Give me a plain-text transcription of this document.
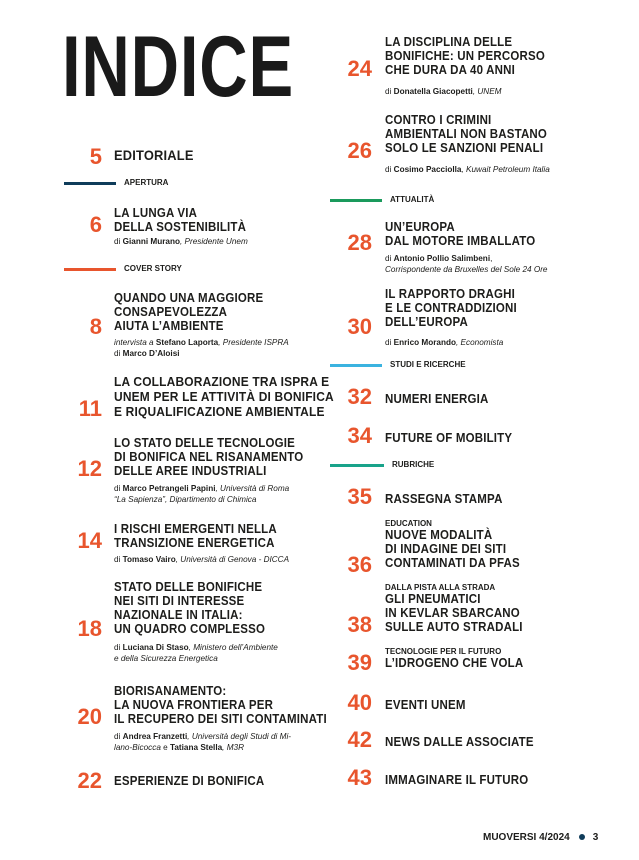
INDICE
5 EDITORIALE
APERTURA
6 LA LUNGA VIA
DELLA SOSTENIBILITÀ
di Gianni Murano, Presidente Unem
COVER STORY
8
QUANDO UNA MAGGIORE
CONSAPEVOLEZZA
AIUTA L’AMBIENTE
intervista a Stefano Laporta, Presidente ISPRA
di Marco D’Aloisi
11
LA COLLABORAZIONE TRA ISPRA E
UNEM PER LE ATTIVITÀ DI BONIFICA
E RIQUALIFICAZIONE AMBIENTALE
12
LO STATO DELLE TECNOLOGIE
DI BONIFICA NEL RISANAMENTO
DELLE AREE INDUSTRIALI
di Marco Petrangeli Papini, Università di Roma
“La Sapienza”, Dipartimento di Chimica
14 I RISCHI EMERGENTI NELLA
TRANSIZIONE ENERGETICA
di Tomaso Vairo, Università di Genova - DICCA
18
STATO DELLE BONIFICHE
NEI SITI DI INTERESSE
NAZIONALE IN ITALIA:
UN QUADRO COMPLESSO
di Luciana Di Staso, Ministero dell’Ambiente
e della Sicurezza Energetica
20
BIORISANAMENTO:
LA NUOVA FRONTIERA PER
IL RECUPERO DEI SITI CONTAMINATI
di Andrea Franzetti, Università degli Studi di Mi-
lano-Bicocca e Tatiana Stella, M3R
22 ESPERIENZE DI BONIFICA
24
LA DISCIPLINA DELLE
BONIFICHE: UN PERCORSO
CHE DURA DA 40 ANNI
di Donatella Giacopetti, UNEM
26
CONTRO I CRIMINI
AMBIENTALI NON BASTANO
SOLO LE SANZIONI PENALI
di Cosimo Pacciolla, Kuwait Petroleum Italia
ATTUALITÀ
28
UN’EUROPA
DAL MOTORE IMBALLATO
di Antonio Pollio Salimbeni,
Corrispondente da Bruxelles del Sole 24 Ore
30
IL RAPPORTO DRAGHI
E LE CONTRADDIZIONI
DELL’EUROPA
di Enrico Morando, Economista
STUDI E RICERCHE
32 NUMERI ENERGIA
34 FUTURE OF MOBILITY
RUBRICHE
35 RASSEGNA STAMPA
36
EDUCATION
NUOVE MODALITÀ
DI INDAGINE DEI SITI
CONTAMINATI DA PFAS
38
DALLA PISTA ALLA STRADA
GLI PNEUMATICI
IN KEVLAR SBARCANO
SULLE AUTO STRADALI
39 TECNOLOGIE PER IL FUTURO
L’IDROGENO CHE VOLA
40 EVENTI UNEM
42 NEWS DALLE ASSOCIATE
43 IMMAGINARE IL FUTURO
MUOVERSI 4/2024 3
